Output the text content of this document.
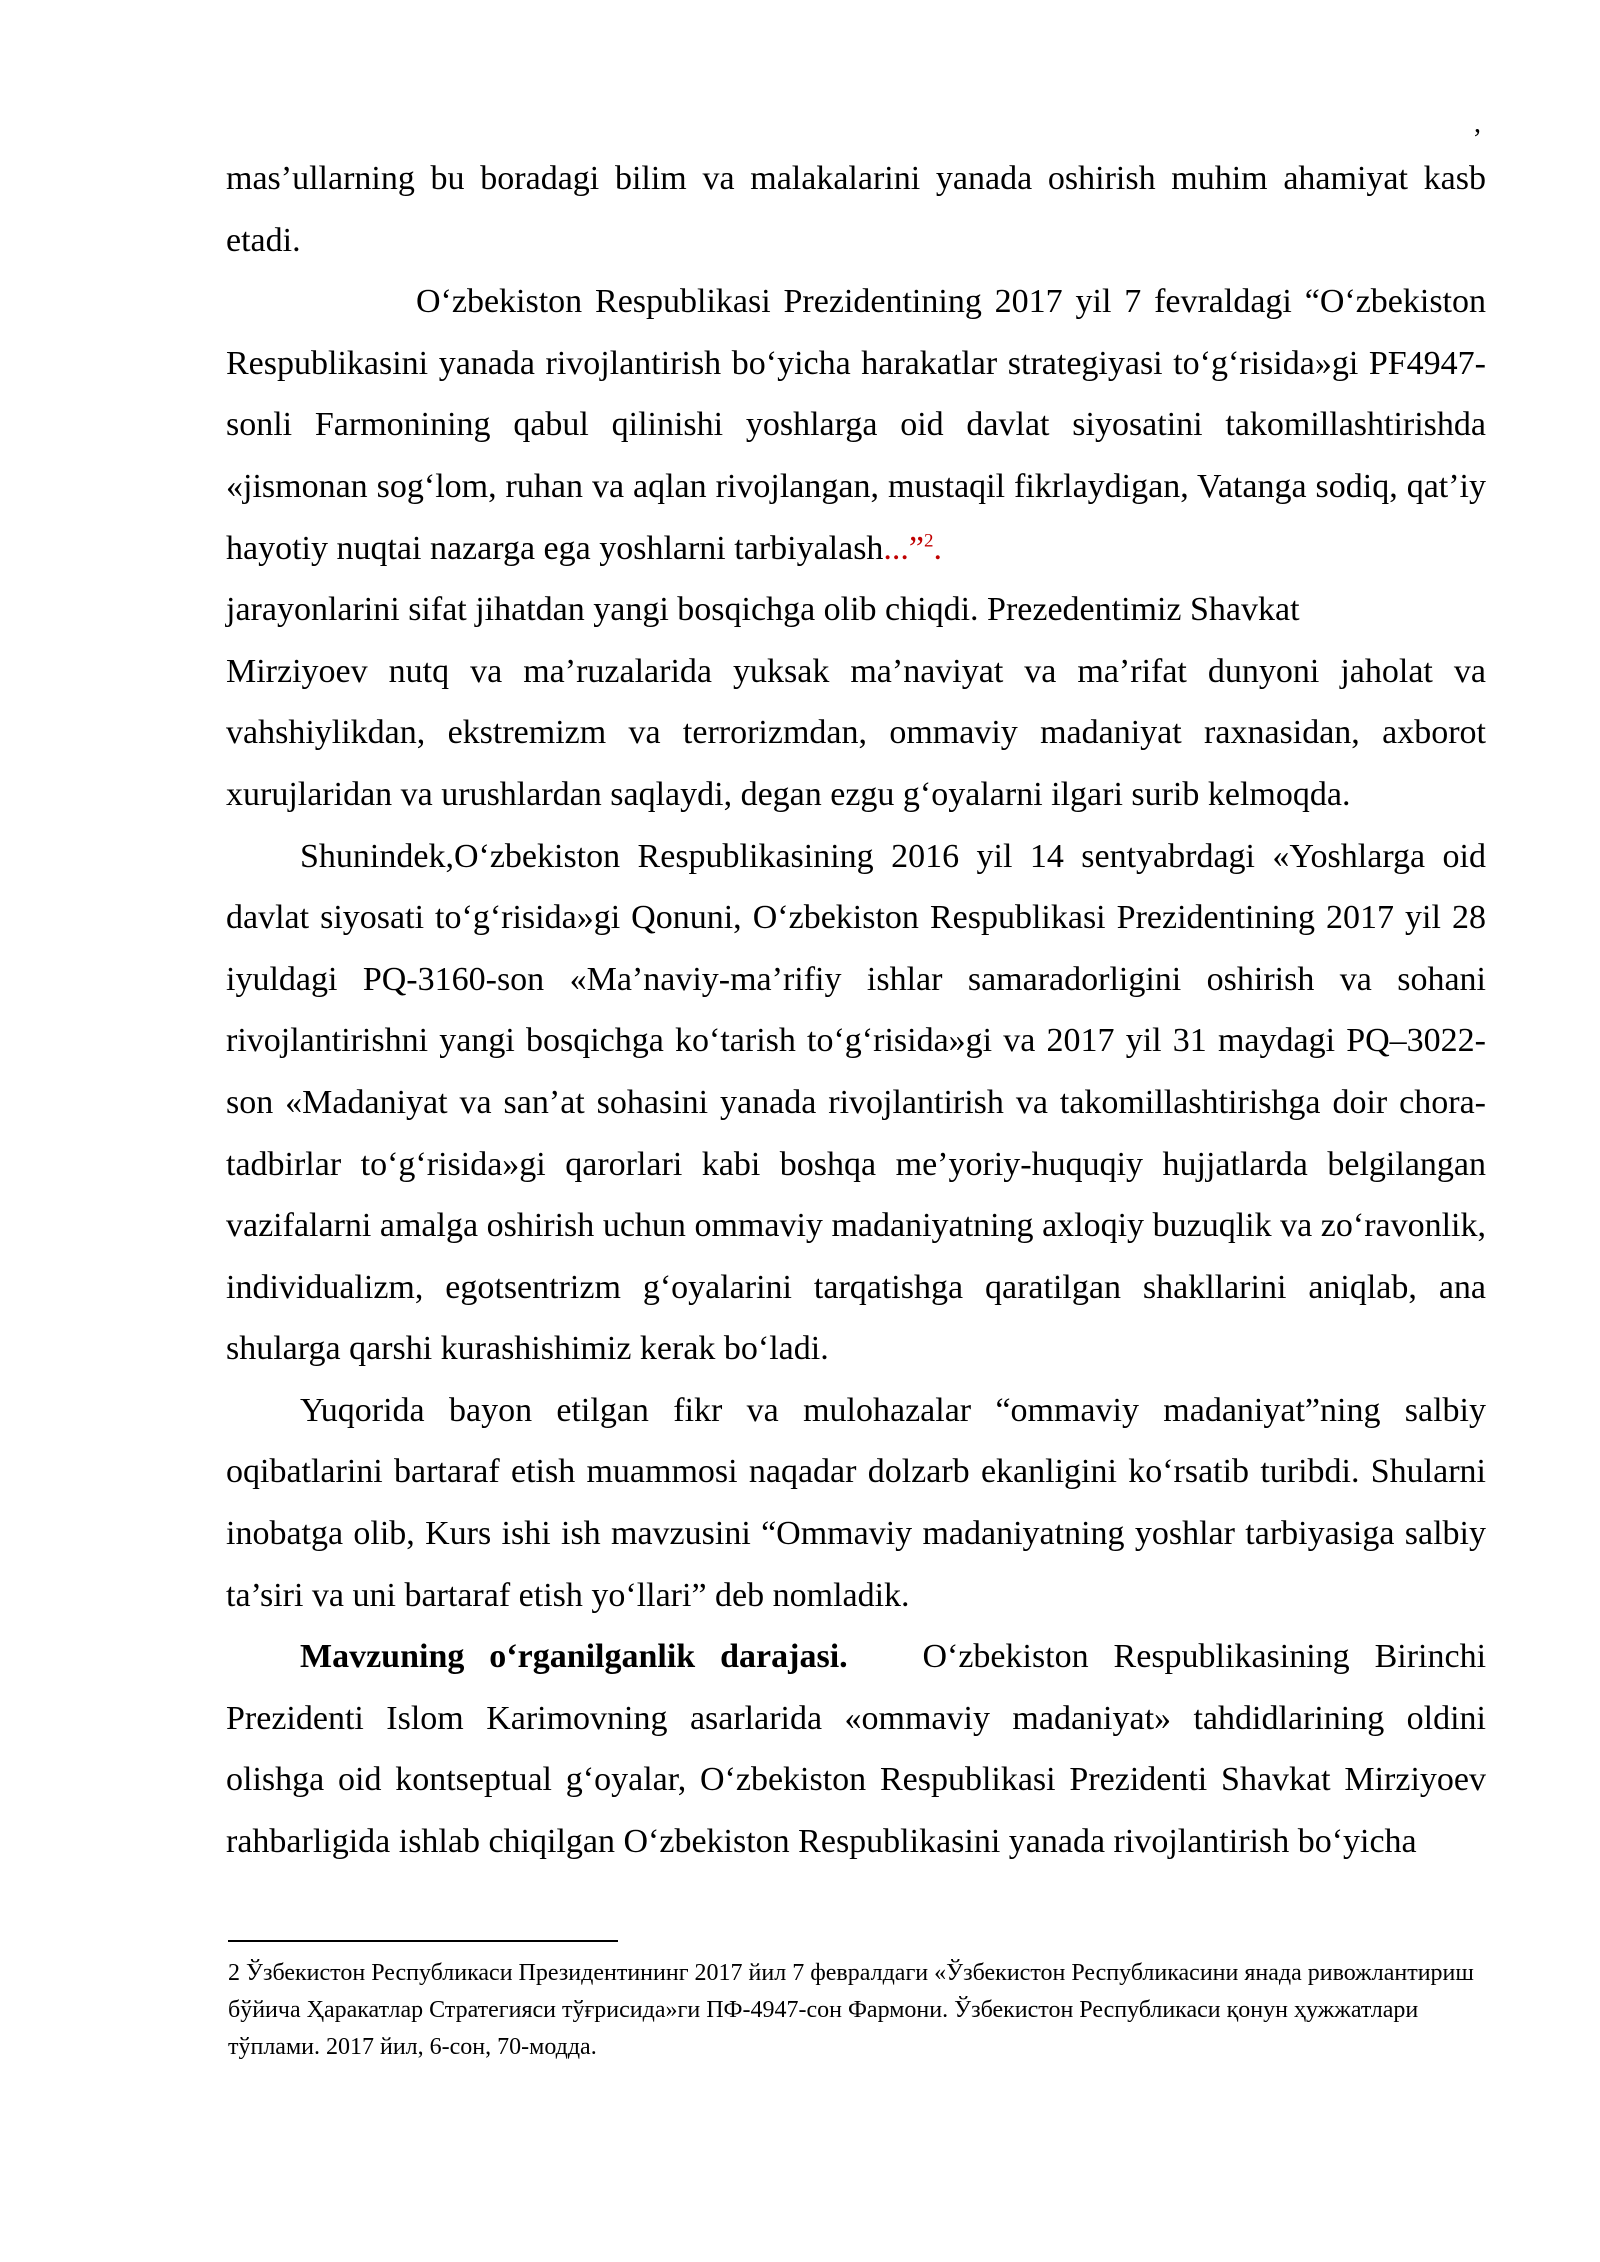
,

mas’ullarning bu boradagi bilim va malakalarini yanada oshirish muhim ahamiyat kasb etadi.

O‘zbekiston Respublikasi Prezidentining 2017 yil 7 fevraldagi “O‘zbekiston Respublikasini yanada rivojlantirish bo‘yicha harakatlar strategiyasi to‘g‘risida»gi PF4947-sonli Farmonining qabul qilinishi yoshlarga oid davlat siyosatini takomillashtirishda «jismonan sog‘lom, ruhan va aqlan rivojlangan, mustaqil fikrlaydigan, Vatanga sodiq, qat’iy hayotiy nuqtai nazarga ega yoshlarni tarbiyalash...”$^2$.

jarayonlarini sifat jihatdan yangi bosqichga olib chiqdi. Prezedentimiz Shavkat

Mirziyoev nutq va ma’ruzalarida yuksak ma’naviyat va ma’rifat dunyoni jaholat va vahshiylikdan, ekstremizm va terrorizmdan, ommaviy madaniyat raxnasidan, axborot xurujlaridan va urushlardan saqlaydi, degan ezgu g‘oyalarni ilgari surib kelmoqda.

Shunindek,O‘zbekiston Respublikasining 2016 yil 14 sentyabrdagi «Yoshlarga oid davlat siyosati to‘g‘risida»gi Qonuni, O‘zbekiston Respublikasi Prezidentining 2017 yil 28 iyuldagi PQ-3160-son «Ma’naviy-ma’rifiy ishlar samaradorligini oshirish va sohani rivojlantirishni yangi bosqichga ko‘tarish to‘g‘risida»gi va 2017 yil 31 maydagi PQ–3022-son «Madaniyat va san’at sohasini yanada rivojlantirish va takomillashtirishga doir chora-tadbirlar to‘g‘risida»gi qarorlari kabi boshqa me’yoriy-huquqiy hujjatlarda belgilangan vazifalarni amalga oshirish uchun ommaviy madaniyatning axloqiy buzuqlik va zo‘ravonlik, individualizm, egotsentrizm g‘oyalarini tarqatishga qaratilgan shakllarini aniqlab, ana shularga qarshi kurashishimiz kerak bo‘ladi.

Yuqorida bayon etilgan fikr va mulohazalar “ommaviy madaniyat”ning salbiy oqibatlarini bartaraf etish muammosi naqadar dolzarb ekanligini ko‘rsatib turibdi. Shularni inobatga olib, Kurs ishi ish mavzusini “Ommaviy madaniyatning yoshlar tarbiyasiga salbiy ta’siri va uni bartaraf etish yo‘llari” deb nomladik.

Mavzuning o‘rganilganlik darajasi. O‘zbekiston Respublikasining Birinchi Prezidenti Islom Karimovning asarlarida «ommaviy madaniyat» tahdidlarining oldini olishga oid kontseptual g‘oyalar, O‘zbekiston Respublikasi Prezidenti Shavkat Mirziyoev rahbarligida ishlab chiqilgan O‘zbekiston Respublikasini yanada rivojlantirish bo‘yicha

2 Ўзбекистон Республикаси Президентининг 2017 йил 7 февралдаги «Ўзбекистон Республикасини янада ривожлантириш бўйича Ҳаракатлар Стратегияси тўғрисида»ги ПФ-4947-сон Фармони. Ўзбекистон Республикаси қонун ҳужжатлари тўплами. 2017 йил, 6-сон, 70-модда.
